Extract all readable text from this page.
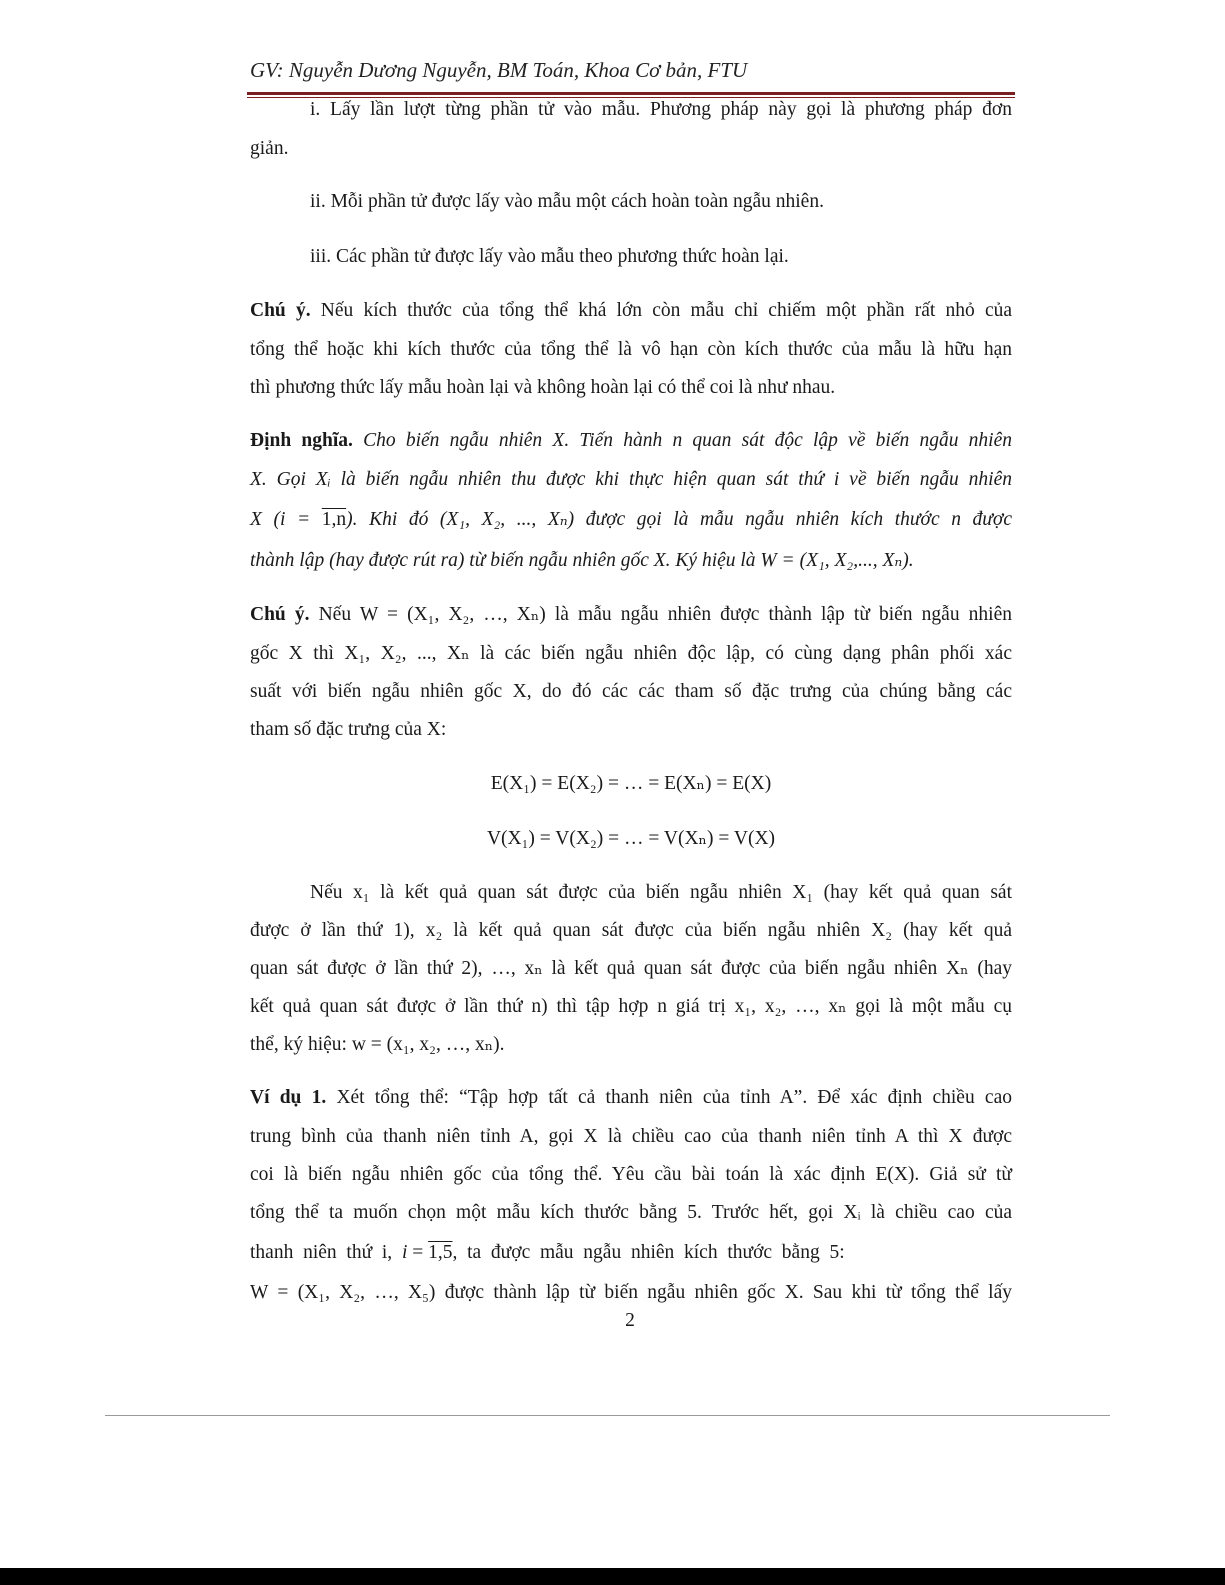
GV: Nguyễn Dương Nguyễn, BM Toán, Khoa Cơ bản, FTU
i. Lấy lần lượt từng phần tử vào mẫu. Phương pháp này gọi là phương pháp đơn
giản.
ii. Mỗi phần tử được lấy vào mẫu một cách hoàn toàn ngẫu nhiên.
iii. Các phần tử được lấy vào mẫu theo phương thức hoàn lại.
Chú ý. Nếu kích thước của tổng thể khá lớn còn mẫu chỉ chiếm một phần rất nhỏ của
tổng thể hoặc khi kích thước của tổng thể là vô hạn còn kích thước của mẫu là hữu hạn
thì phương thức lấy mẫu hoàn lại và không hoàn lại có thể coi là như nhau.
Định nghĩa. Cho biến ngẫu nhiên X. Tiến hành n quan sát độc lập về biến ngẫu nhiên
X. Gọi Xᵢ là biến ngẫu nhiên thu được khi thực hiện quan sát thứ i về biến ngẫu nhiên
X (i = 1,n). Khi đó (X₁, X₂, ..., Xₙ) được gọi là mẫu ngẫu nhiên kích thước n được
thành lập (hay được rút ra) từ biến ngẫu nhiên gốc X. Ký hiệu là W = (X₁, X₂,..., Xₙ).
Chú ý. Nếu W = (X₁, X₂, …, Xₙ) là mẫu ngẫu nhiên được thành lập từ biến ngẫu nhiên
gốc X thì X₁, X₂, ..., Xₙ là các biến ngẫu nhiên độc lập, có cùng dạng phân phối xác
suất với biến ngẫu nhiên gốc X, do đó các các tham số đặc trưng của chúng bằng các
tham số đặc trưng của X:
E(X₁) = E(X₂) = … = E(Xₙ) = E(X)
V(X₁) = V(X₂) = … = V(Xₙ) = V(X)
Nếu x₁ là kết quả quan sát được của biến ngẫu nhiên X₁ (hay kết quả quan sát
được ở lần thứ 1), x₂ là kết quả quan sát được của biến ngẫu nhiên X₂ (hay kết quả
quan sát được ở lần thứ 2), …, xₙ là kết quả quan sát được của biến ngẫu nhiên Xₙ (hay
kết quả quan sát được ở lần thứ n) thì tập hợp n giá trị x₁, x₂, …, xₙ gọi là một mẫu cụ
thể, ký hiệu: w = (x₁, x₂, …, xₙ).
Ví dụ 1. Xét tổng thể: “Tập hợp tất cả thanh niên của tỉnh A”. Để xác định chiều cao
trung bình của thanh niên tỉnh A, gọi X là chiều cao của thanh niên tỉnh A thì X được
coi là biến ngẫu nhiên gốc của tổng thể. Yêu cầu bài toán là xác định E(X). Giả sử từ
tổng thể ta muốn chọn một mẫu kích thước bằng 5. Trước hết, gọi Xᵢ là chiều cao của
thanh  niên  thứ  i,  i = 1,5,  ta  được  mẫu  ngẫu  nhiên  kích  thước  bằng  5:
W = (X₁, X₂, …, X₅) được thành lập từ biến ngẫu nhiên gốc X. Sau khi từ tổng thể lấy
2
